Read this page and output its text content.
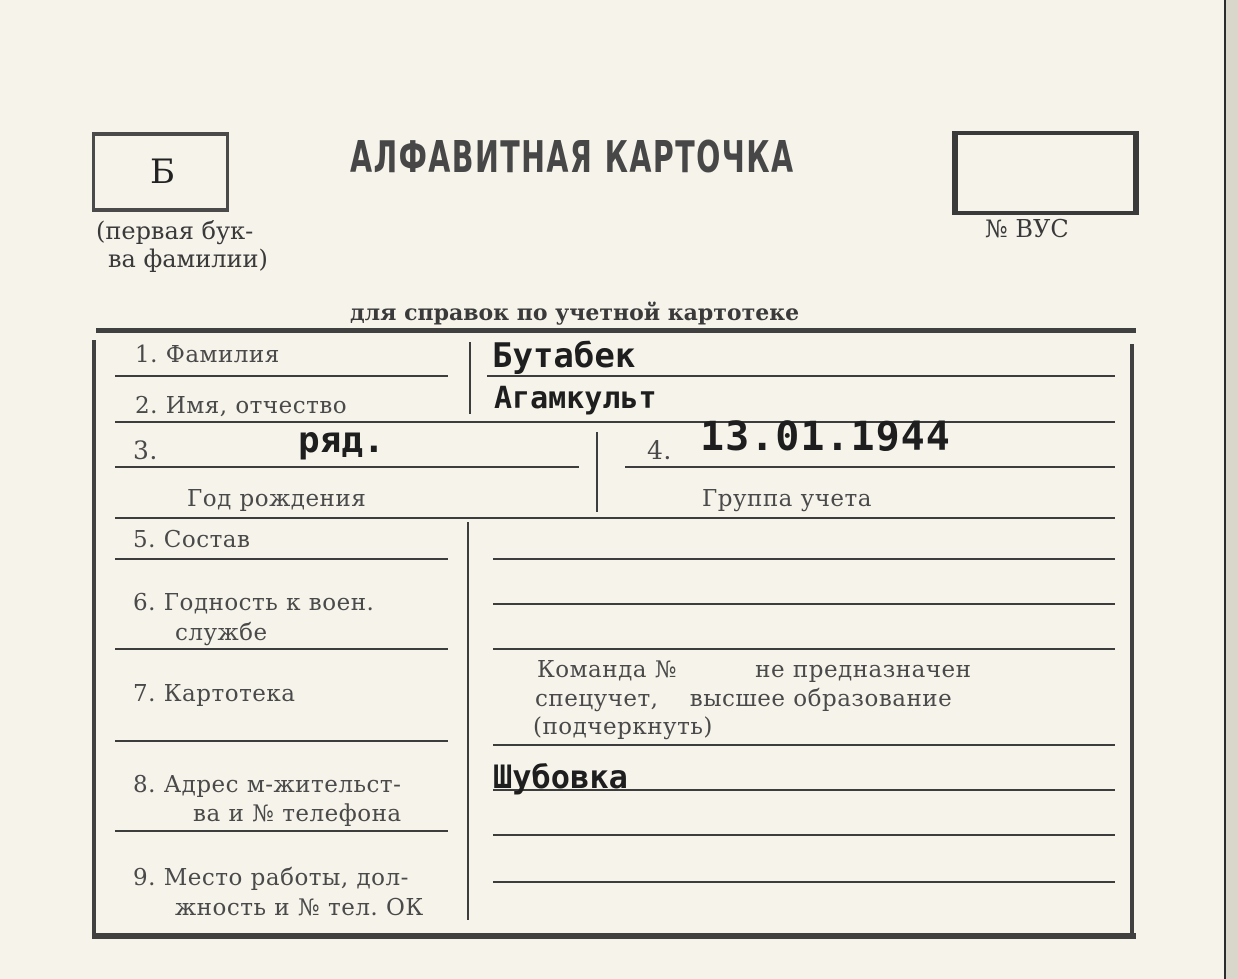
Б
(первая бук-
ва фамилии)
АЛФАВИТНАЯ КАРТОЧКА
№ ВУС
для справок по учетной картотеке
1. Фамилия
2. Имя, отчество
3.
Год рождения
4.
Группа учета
5. Состав
6. Годность к воен.
службе
7. Картотека
8. Адрес м-жительст-
ва и № телефона
9. Место работы, дол-
жность и № тел. ОК
Команда №          не предназначен
спецучет,    высшее образование
(подчеркнуть)
Бутабек
Агамкульт
ряд.	13.01.1944
Шубовка
